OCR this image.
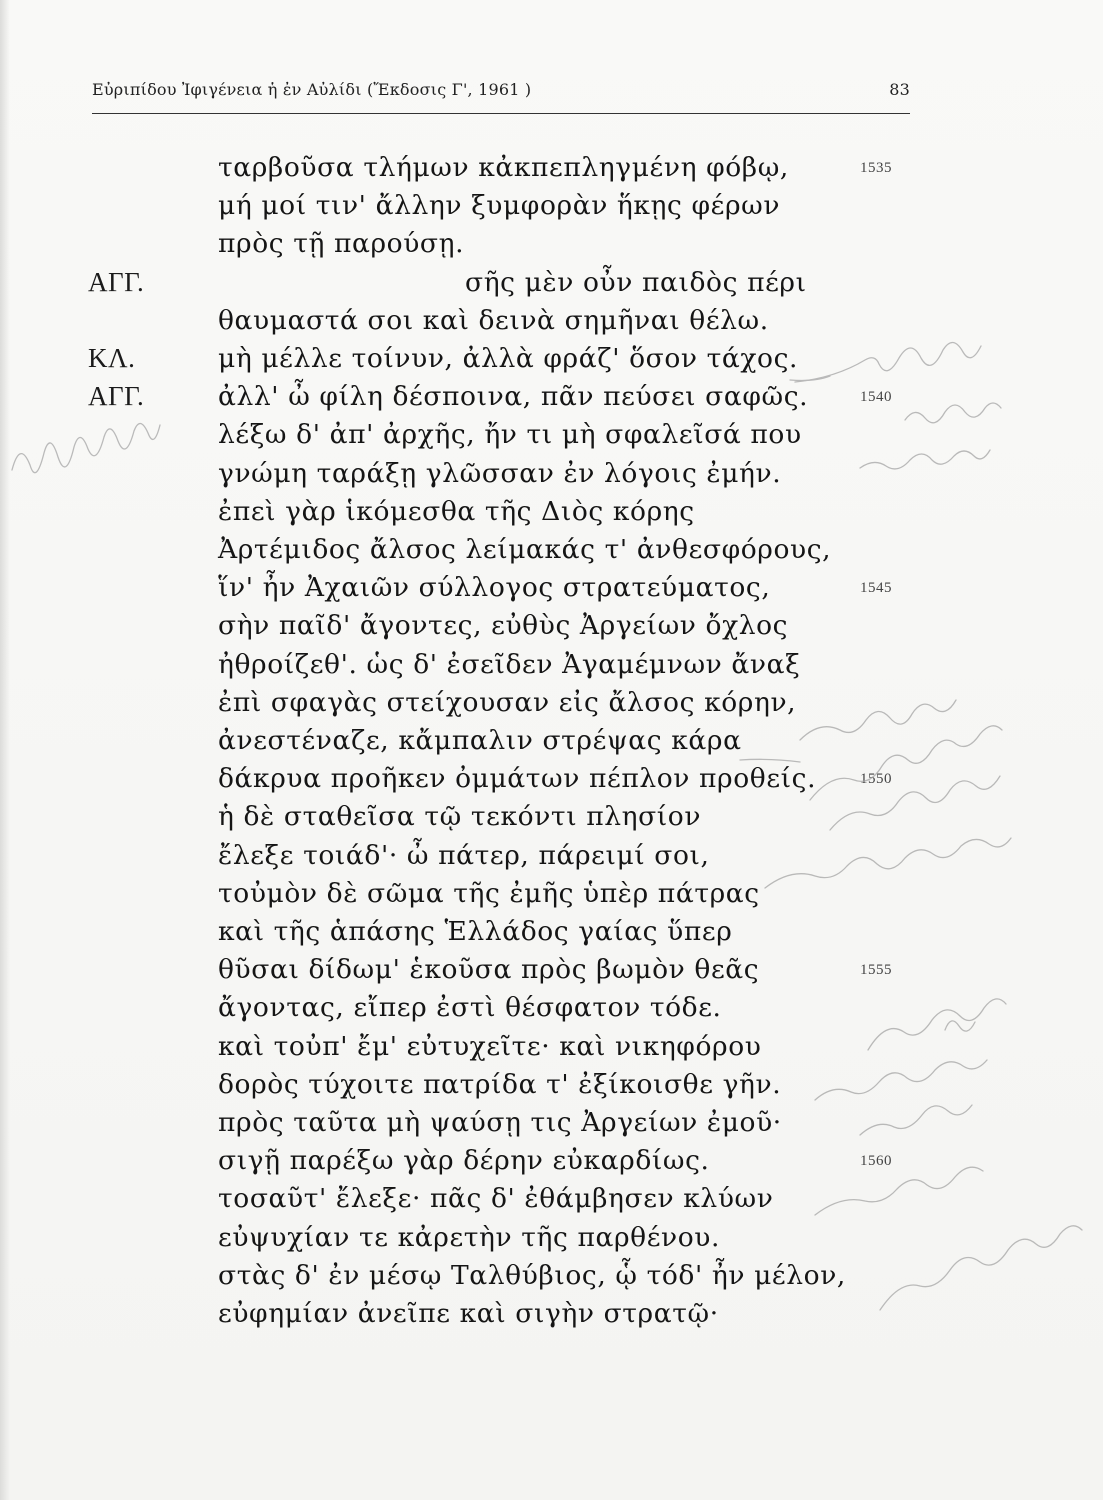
Εὐριπίδου Ἰφιγένεια ἡ ἐν Αὐλίδι (Ἔκδοσις Γ', 1961 )	83
ταρβοῦσα τλήμων κἀκπεπληγμένη φόβῳ,	1535
μή μοί τιν' ἄλλην ξυμφορὰν ἥκῃς φέρων
πρὸς τῇ παρούσῃ.
ΑΓΓ.	σῆς μὲν οὖν παιδὸς πέρι
θαυμαστά σοι καὶ δεινὰ σημῆναι θέλω.
ΚΛ.	μὴ μέλλε τοίνυν, ἀλλὰ φράζ' ὅσον τάχος.
ΑΓΓ.	ἀλλ' ὦ φίλη δέσποινα, πᾶν πεύσει σαφῶς.	1540
λέξω δ' ἀπ' ἀρχῆς, ἤν τι μὴ σφαλεῖσά που
γνώμη ταράξῃ γλῶσσαν ἐν λόγοις ἐμήν.
ἐπεὶ γὰρ ἱκόμεσθα τῆς Διὸς κόρης
Ἀρτέμιδος ἄλσος λείμακάς τ' ἀνθεσφόρους,
ἵν' ἦν Ἀχαιῶν σύλλογος στρατεύματος,	1545
σὴν παῖδ' ἄγοντες, εὐθὺς Ἀργείων ὄχλος
ἠθροίζεθ'. ὡς δ' ἐσεῖδεν Ἀγαμέμνων ἄναξ
ἐπὶ σφαγὰς στείχουσαν εἰς ἄλσος κόρην,
ἀνεστέναζε, κἄμπαλιν στρέψας κάρα
δάκρυα προῆκεν ὀμμάτων πέπλον προθείς.	1550
ἡ δὲ σταθεῖσα τῷ τεκόντι πλησίον
ἔλεξε τοιάδ'· ὦ πάτερ, πάρειμί σοι,
τοὐμὸν δὲ σῶμα τῆς ἐμῆς ὑπὲρ πάτρας
καὶ τῆς ἁπάσης Ἑλλάδος γαίας ὕπερ
θῦσαι δίδωμ' ἑκοῦσα πρὸς βωμὸν θεᾶς	1555
ἄγοντας, εἴπερ ἐστὶ θέσφατον τόδε.
καὶ τοὐπ' ἔμ' εὐτυχεῖτε· καὶ νικηφόρου
δορὸς τύχοιτε πατρίδα τ' ἐξίκοισθε γῆν.
πρὸς ταῦτα μὴ ψαύσῃ τις Ἀργείων ἐμοῦ·
σιγῇ παρέξω γὰρ δέρην εὐκαρδίως.	1560
τοσαῦτ' ἔλεξε· πᾶς δ' ἐθάμβησεν κλύων
εὐψυχίαν τε κἀρετὴν τῆς παρθένου.
στὰς δ' ἐν μέσῳ Ταλθύβιος, ᾧ τόδ' ἦν μέλον,
εὐφημίαν ἀνεῖπε καὶ σιγὴν στρατῷ·
